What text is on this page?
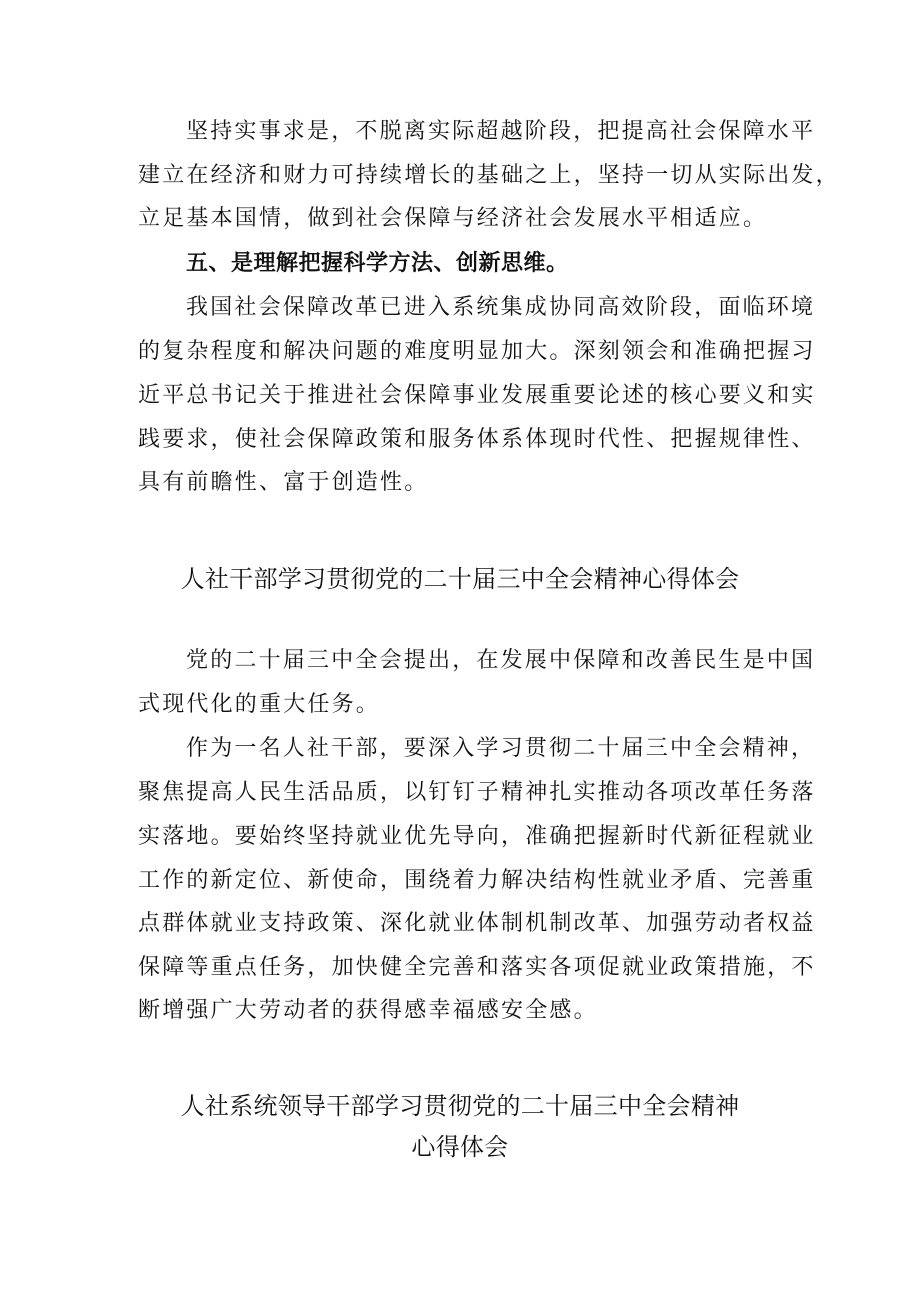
坚持实事求是，不脱离实际超越阶段，把提高社会保障水平
建立在经济和财力可持续增长的基础之上，坚持一切从实际出发，
立足基本国情，做到社会保障与经济社会发展水平相适应。
五、是理解把握科学方法、创新思维。
我国社会保障改革已进入系统集成协同高效阶段，面临环境
的复杂程度和解决问题的难度明显加大。深刻领会和准确把握习
近平总书记关于推进社会保障事业发展重要论述的核心要义和实
践要求，使社会保障政策和服务体系体现时代性、把握规律性、
具有前瞻性、富于创造性。
人社干部学习贯彻党的二十届三中全会精神心得体会
党的二十届三中全会提出，在发展中保障和改善民生是中国
式现代化的重大任务。
作为一名人社干部，要深入学习贯彻二十届三中全会精神，
聚焦提高人民生活品质，以钉钉子精神扎实推动各项改革任务落
实落地。要始终坚持就业优先导向，准确把握新时代新征程就业
工作的新定位、新使命，围绕着力解决结构性就业矛盾、完善重
点群体就业支持政策、深化就业体制机制改革、加强劳动者权益
保障等重点任务，加快健全完善和落实各项促就业政策措施，不
断增强广大劳动者的获得感幸福感安全感。
人社系统领导干部学习贯彻党的二十届三中全会精神
心得体会
